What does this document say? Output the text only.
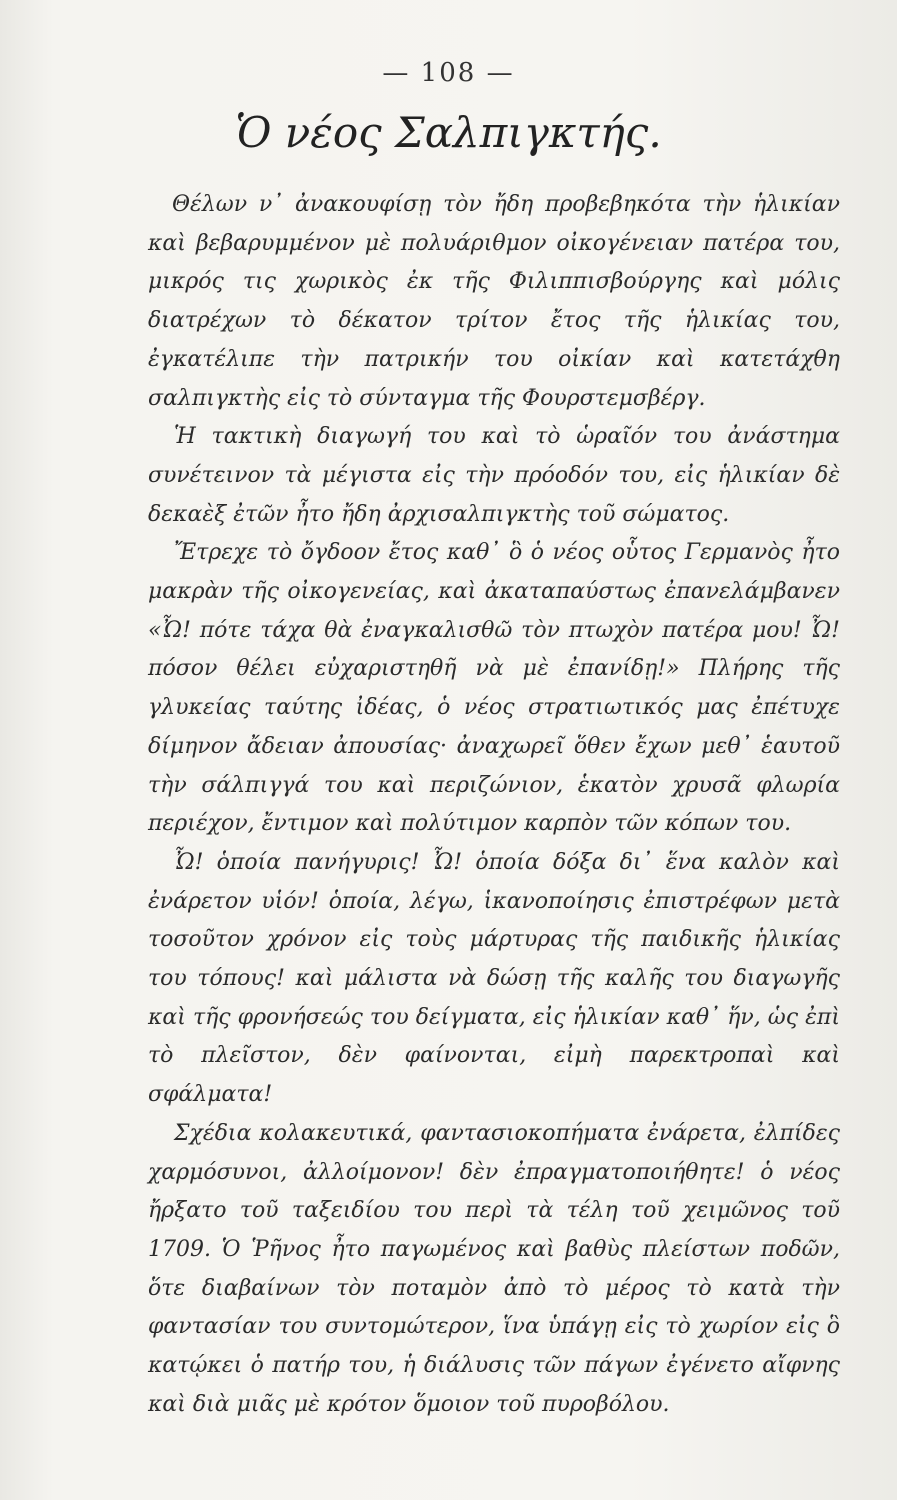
— 108 —
Ὁ νέος Σαλπιγκτής.

Θέλων ν᾽ ἀνακουφίσῃ τὸν ἤδη προβεβηκότα τὴν ἡλικίαν καὶ βεβαρυμμένον μὲ πολυάριθμον οἰκογένειαν πατέρα του, μικρός τις χωρικὸς ἐκ τῆς Φιλιππισβούργης καὶ μόλις διατρέχων τὸ δέκατον τρίτον ἔτος τῆς ἡλικίας του, ἐγκατέλιπε τὴν πατρικήν του οἰκίαν καὶ κατετάχθη σαλπιγκτὴς εἰς τὸ σύνταγμα τῆς Φουρστεμσβέργ.

Ἡ τακτικὴ διαγωγή του καὶ τὸ ὡραῖόν του ἀνάστημα συνέτεινον τὰ μέγιστα εἰς τὴν πρόοδόν του, εἰς ἡλικίαν δὲ δεκαὲξ ἐτῶν ἦτο ἤδη ἀρχισαλπιγκτὴς τοῦ σώματος.

Ἔτρεχε τὸ ὄγδοον ἔτος καθ᾽ ὃ ὁ νέος οὗτος Γερμανὸς ἦτο μακρὰν τῆς οἰκογενείας, καὶ ἀκαταπαύστως ἐπανελάμβανεν «Ὦ! πότε τάχα θὰ ἐναγκαλισθῶ τὸν πτωχὸν πατέρα μου! Ὦ! πόσον θέλει εὐχαριστηθῆ νὰ μὲ ἐπανίδῃ!» Πλήρης τῆς γλυκείας ταύτης ἰδέας, ὁ νέος στρατιωτικός μας ἐπέτυχε δίμηνον ἄδειαν ἀπουσίας· ἀναχωρεῖ ὅθεν ἔχων μεθ᾽ ἑαυτοῦ τὴν σάλπιγγά του καὶ περιζώνιον, ἑκατὸν χρυσᾶ φλωρία περιέχον, ἔντιμον καὶ πολύτιμον καρπὸν τῶν κόπων του.

Ὦ! ὁποία πανήγυρις! Ὦ! ὁποία δόξα δι᾽ ἕνα καλὸν καὶ ἐνάρετον υἱόν! ὁποία, λέγω, ἱκανοποίησις ἐπιστρέφων μετὰ τοσοῦτον χρόνον εἰς τοὺς μάρτυρας τῆς παιδικῆς ἡλικίας του τόπους! καὶ μάλιστα νὰ δώσῃ τῆς καλῆς του διαγωγῆς καὶ τῆς φρονήσεώς του δείγματα, εἰς ἡλικίαν καθ᾽ ἥν, ὡς ἐπὶ τὸ πλεῖστον, δὲν φαίνονται, εἰμὴ παρεκτροπαὶ καὶ σφάλματα!

Σχέδια κολακευτικά, φαντασιοκοπήματα ἐνάρετα, ἐλπίδες χαρμόσυνοι, ἀλλοίμονον! δὲν ἐπραγματοποιήθητε! ὁ νέος ἤρξατο τοῦ ταξειδίου του περὶ τὰ τέλη τοῦ χειμῶνος τοῦ 1709. Ὁ Ῥῆνος ἦτο παγωμένος καὶ βαθὺς πλείστων ποδῶν, ὅτε διαβαίνων τὸν ποταμὸν ἀπὸ τὸ μέρος τὸ κατὰ τὴν φαντασίαν του συντομώτερον, ἵνα ὑπάγῃ εἰς τὸ χωρίον εἰς ὃ κατῴκει ὁ πατήρ του, ἡ διάλυσις τῶν πάγων ἐγένετο αἴφνης καὶ διὰ μιᾶς μὲ κρότον ὅμοιον τοῦ πυροβόλου.
